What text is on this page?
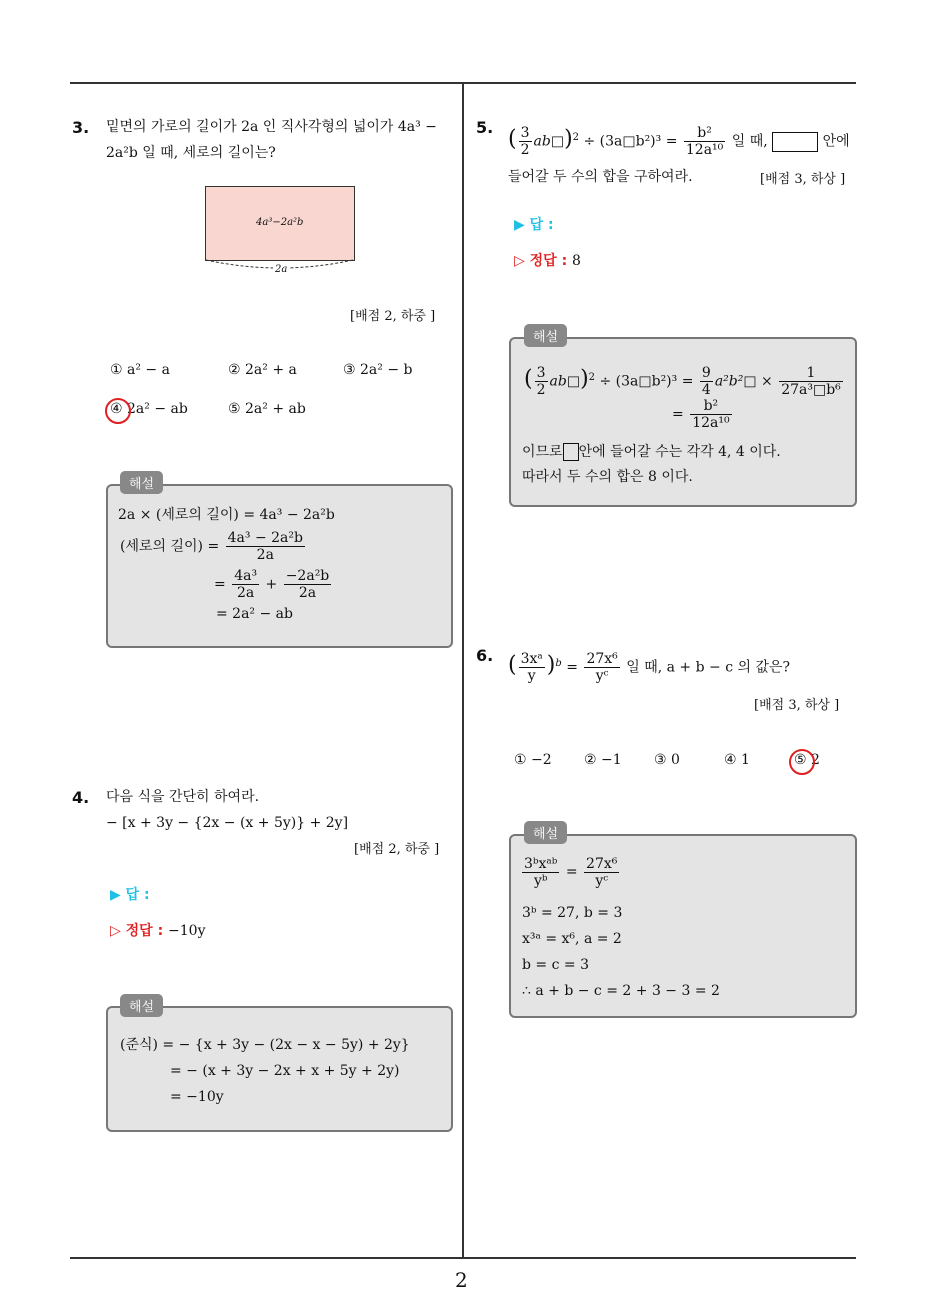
2
3. 밑면의 가로의 길이가 2a 인 직사각형의 넓이가 4a³ −
2a²b 일 때, 세로의 길이는?
4a³−2a²b
2a
[배점 2, 하중 ]
① a² − a	② 2a² + a	③ 2a² − b
④ 2a² − ab	⑤ 2a² + ab
해설
2a × (세로의 길이) = 4a³ − 2a²b
(세로의 길이) = $\frac{\text{4a³ − 2a²b}}{2a}$
= $\frac{\text{4a³}}{2a} + \frac{\text{−2a²b}}{2a}$
= 2a² − ab
4. 다음 식을 간단히 하여라.
− [x + 3y − {2x − (x + 5y)} + 2y]
[배점 2, 하중 ]
▶ 답 :
▷ 정답 : −10y
해설
(준식) = − {x + 3y − (2x − x − 5y) + 2y}
= − (x + 3y − 2x + x + 5y + 2y)
= −10y
5. ( $\frac{3}{2}$ ab□)$^2$ ÷ (3a□b²)³ = $\frac{\text{b²}}{\text{12a¹⁰}}$ 일 때,	안에
들어갈 두 수의 합을 구하여라.	[배점 3, 하상 ]
▶ 답 :
▷ 정답 : 8
해설
( $\frac{3}{2}$ ab□)$^2$ ÷ (3a□b²)³ = $\frac{9}{4}$ a²b²□ × $\frac{1}{\text{27a³□b⁶}}$
= $\frac{\text{b²}}{\text{12a¹⁰}}$
이므로 안에 들어갈 수는 각각 4, 4 이다.
따라서 두 수의 합은 8 이다.
6. ( $\frac{\text{3xᵃ}}{y} )^b = \frac{\text{27x⁶}}{\text{yᶜ}}$ 일 때, a + b − c 의 값은?
[배점 3, 하상 ]
① −2 ② −1 ③ 0	④ 1	⑤ 2
해설
$\frac{\text{3ᵇxᵃᵇ}}{\text{yᵇ}} = \frac{\text{27x⁶}}{\text{yᶜ}}$
3ᵇ = 27, b = 3
x³ᵃ = x⁶, a = 2
b = c = 3
∴ a + b − c = 2 + 3 − 3 = 2
